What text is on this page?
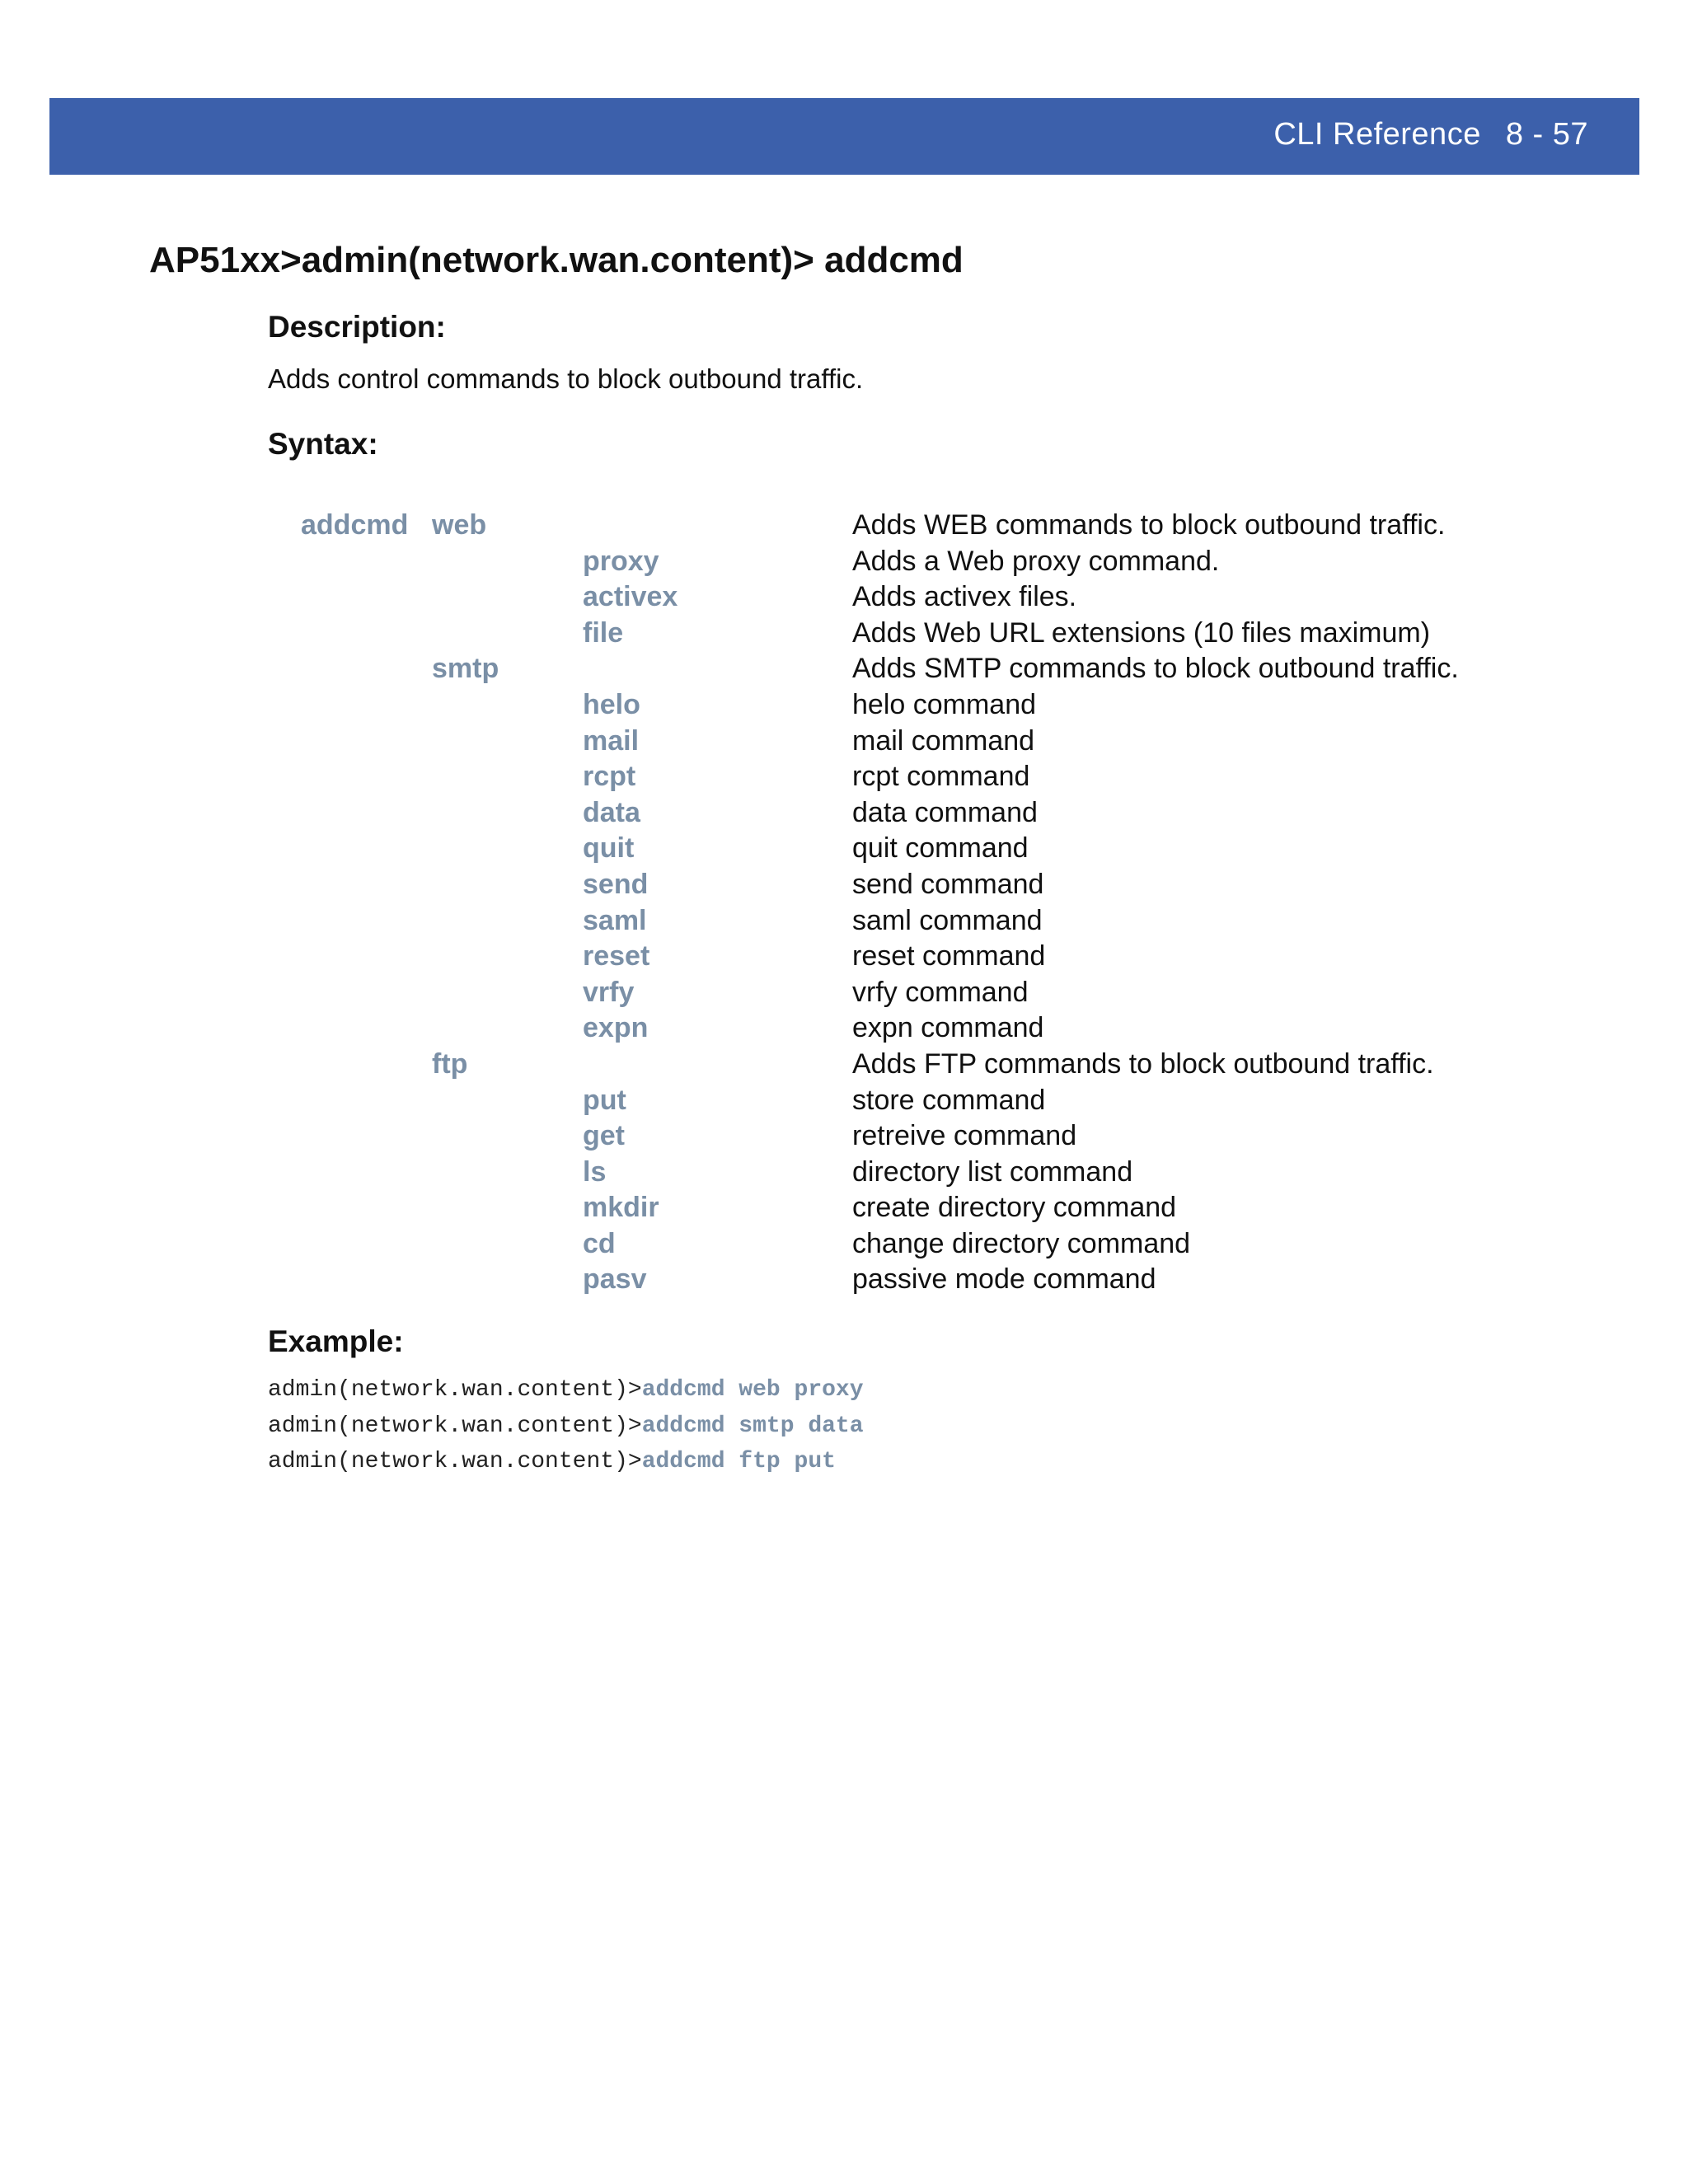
CLI Reference 8 - 57
AP51xx>admin(network.wan.content)> addcmd
Description:
Adds control commands to block outbound traffic.
Syntax:
addcmd web	Adds WEB commands to block outbound traffic.
proxy	Adds a Web proxy command.
activex	Adds activex files.
file	Adds Web URL extensions (10 files maximum)
smtp	Adds SMTP commands to block outbound traffic.
helo	helo command
mail	mail command
rcpt	rcpt command
data	data command
quit	quit command
send	send command
saml	saml command
reset	reset command
vrfy	vrfy command
expn	expn command
ftp	Adds FTP commands to block outbound traffic.
put	store command
get	retreive command
ls	directory list command
mkdir	create directory command
cd	change directory command
pasv	passive mode command
Example:
admin(network.wan.content)>addcmd web proxy
admin(network.wan.content)>addcmd smtp data
admin(network.wan.content)>addcmd ftp put
